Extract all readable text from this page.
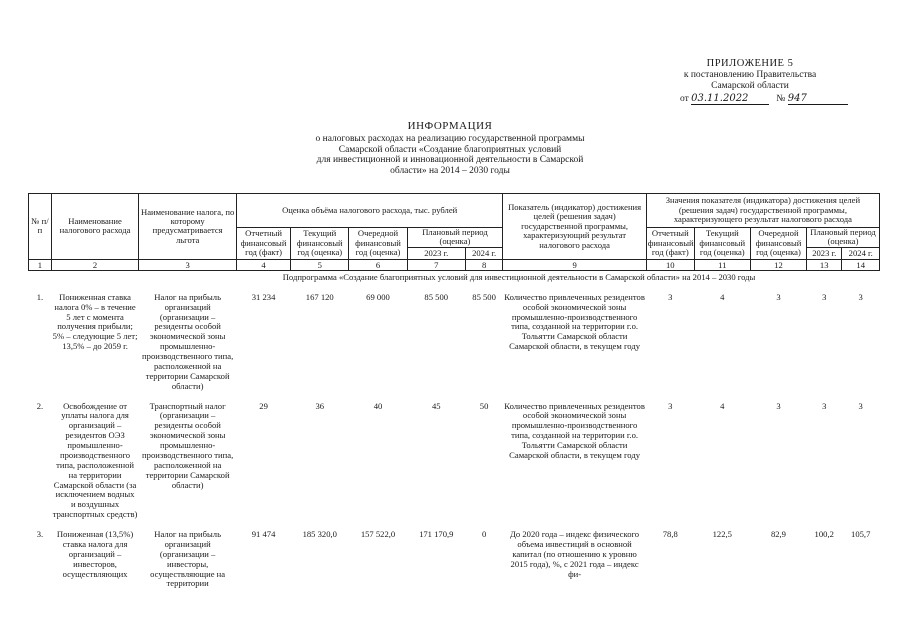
ПРИЛОЖЕНИЕ 5
к постановлению Правительства
Самарской области
от 03.11.2022	№ 947
ИНФОРМАЦИЯ
о налоговых расходах на реализацию государственной программы
Самарской области «Создание благоприятных условий
для инвестиционной и инновационной деятельности в Самарской
области» на 2014 – 2030 годы
№ п/п	Наименование налогового расхода	Наименование налога, по которому предусматривается льгота	Оценка объёма налогового расхода, тыс. рублей					Показатель (индикатор) достижения целей (решения задач) государственной программы, характеризующий результат налогового расхода	Значения показателя (индикатора) достижения целей (решения задач) государственной программы, характеризующего результат налогового расхода				
			Отчетный финансовый год (факт)	Текущий финансовый год (оценка)	Очередной финансовый год (оценка)	Плановый период (оценка)			Отчетный финансовый год (факт)	Текущий финансовый год (оценка)	Очередной финансовый год (оценка)	Плановый период (оценка)	
						2023 г.	2024 г.					2023 г.	2024 г.
1	2	3	4	5	6	7	8	9	10	11	12	13	14
Подпрограмма «Создание благоприятных условий для инвестиционной деятельности в Самарской области» на 2014 – 2030 годы													
1.	Пониженная ставка налога 0% – в течение 5 лет с момента получения прибыли; 5% – следующие 5 лет; 13,5% – до 2059 г.	Налог на прибыль организаций (организации – резиденты особой экономической зоны промышленно-производственного типа, расположенной на территории Самарской области)	31 234	167 120	69 000	85 500	85 500	Количество привлеченных резидентов особой экономической зоны промышленно-производственного типа, созданной на территории г.о. Тольятти Самарской области Самарской области, в текущем году	3	4	3	3	3
2.	Освобождение от уплаты налога для организаций – резидентов ОЭЗ промышленно-производственного типа, расположенной на территории Самарской области (за исключением водных и воздушных транспортных средств)	Транспортный налог (организации – резиденты особой экономической зоны промышленно-производственного типа, расположенной на территории Самарской области)	29	36	40	45	50	Количество привлеченных резидентов особой экономической зоны промышленно-производственного типа, созданной на территории г.о. Тольятти Самарской области Самарской области, в текущем году	3	4	3	3	3
3.	Пониженная (13,5%) ставка налога для организаций – инвесторов, осуществляющих	Налог на прибыль организаций (организации – инвесторы, осуществляющие на территории	91 474	185 320,0	157 522,0	171 170,9	0	До 2020 года – индекс физического объема инвестиций в основной капитал (по отношению к уровню 2015 года), %, с 2021 года – индекс фи-	78,8	122,5	82,9	100,2	105,7
